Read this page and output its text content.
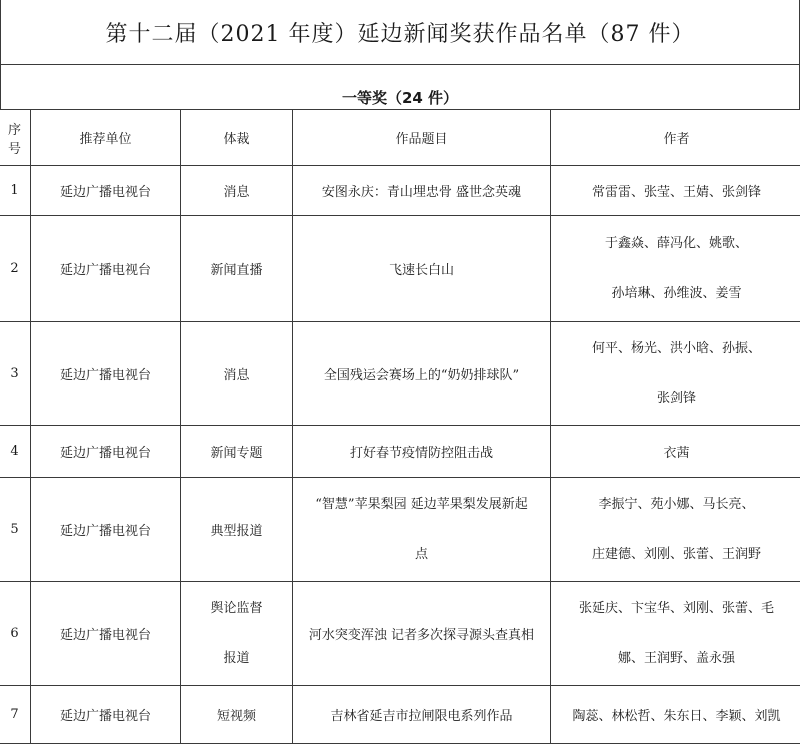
第十二届（2021 年度）延边新闻奖获作品名单（87 件）
一等奖（24 件）
序号	推荐单位	体裁	作品题目	作者
1	延边广播电视台	消息	安图永庆：青山埋忠骨 盛世念英魂	常雷雷、张莹、王婧、张剑锋
2	延边广播电视台	新闻直播	飞速长白山	于鑫焱、薛冯化、姚歌、
孙培琳、孙维波、姜雪

3	延边广播电视台	消息	全国残运会赛场上的“奶奶排球队”	何平、杨光、洪小晗、孙振、
张剑锋

4	延边广播电视台	新闻专题	打好春节疫情防控阻击战	衣茜
5	延边广播电视台	典型报道	“智慧”苹果梨园 延边苹果梨发展新起
点	李振宁、苑小娜、马长亮、
庄建德、刘刚、张蕾、王润野

6	延边广播电视台	舆论监督
报道	河水突变浑浊 记者多次探寻源头查真相	张延庆、卞宝华、刘刚、张蕾、毛
娜、王润野、盖永强

7	延边广播电视台	短视频	吉林省延吉市拉闸限电系列作品	陶蕊、林松哲、朱东日、李颖、刘凯
